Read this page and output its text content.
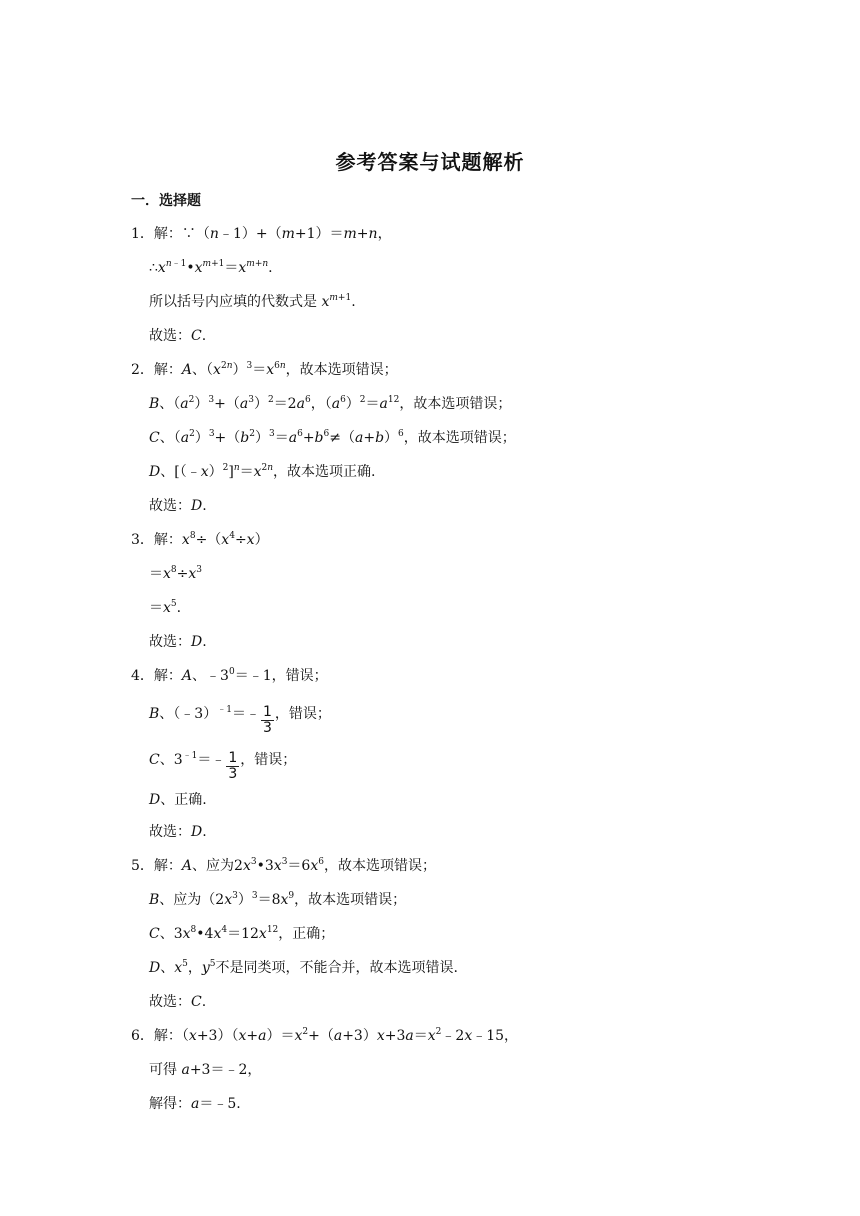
参考答案与试题解析
一．选择题
1．解：∵（n﹣1）+（m+1）＝m+n，
$\therefore x^{n﹣1}•x^{m+1}=x^{m+n}$.
所以括号内应填的代数式是 $x^{m+1}$.
故选：C.
2．解：A、$(x^{2n})^3=x^{6n}$，故本选项错误；
B、$(a^2)^3+(a^3)^2=2a^6$，$(a^6)^2=a^{12}$，故本选项错误；
C、$(a^2)^3+(b^2)^3=a^6+b^6\ne(a+b)^6$，故本选项错误；
D、$[(﹣x)^2]^n=x^{2n}$，故本选项正确.
故选：D.
3．解：$x^8\div(x^4\div x)$
$=x^8\div x^3$
$=x^5$.
故选：D.
4．解：A、$﹣3^0=﹣1$，错误；
B、（﹣3）$^{﹣1}$＝﹣ $\frac{1}{3}$ ，错误；
C、$3^{﹣1}=﹣ \frac{1}{3}$ ，错误；
D、正确.
故选：D.
5．解：A、应为$2x^3•3x^3=6x^6$，故本选项错误；
B、应为$(2x^3)^3=8x^9$，故本选项错误；
C、$3x^8•4x^4=12x^{12}$，正确；
D、$x^5$，$y^5$不是同类项，不能合并，故本选项错误.
故选：C.
6．解：$(x+3)(x+a)=x^2+(a+3)x+3a=x^2﹣2x﹣15$，
可得 a+3＝﹣2，
解得：a＝﹣5.
